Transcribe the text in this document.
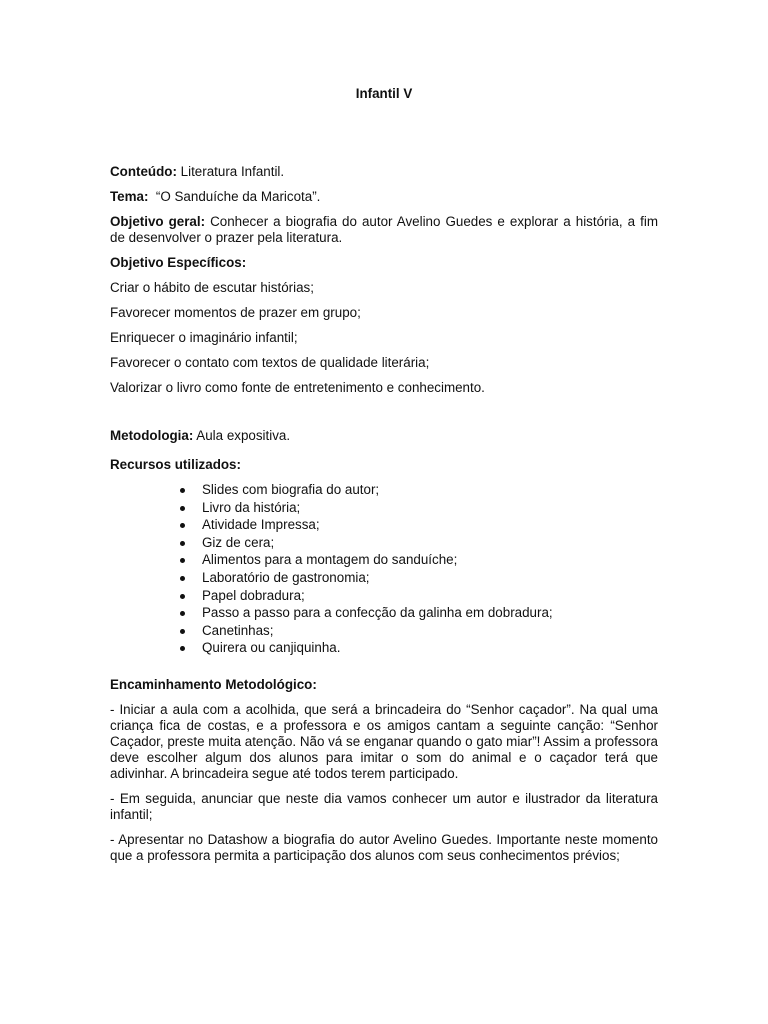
Infantil V
Conteúdo: Literatura Infantil.
Tema:  “O Sanduíche da Maricota”.
Objetivo geral: Conhecer a biografia do autor Avelino Guedes e explorar a história, a fim de desenvolver o prazer pela literatura.
Objetivo Específicos:
Criar o hábito de escutar histórias;
Favorecer momentos de prazer em grupo;
Enriquecer o imaginário infantil;
Favorecer o contato com textos de qualidade literária;
Valorizar o livro como fonte de entretenimento e conhecimento.
Metodologia: Aula expositiva.
Recursos utilizados:
Slides com biografia do autor;
Livro da história;
Atividade Impressa;
Giz de cera;
Alimentos para a montagem do sanduíche;
Laboratório de gastronomia;
Papel dobradura;
Passo a passo para a confecção da galinha em dobradura;
Canetinhas;
Quirera ou canjiquinha.
Encaminhamento Metodológico:
- Iniciar a aula com a acolhida, que será a brincadeira do “Senhor caçador”. Na qual uma criança fica de costas, e a professora e os amigos cantam a seguinte canção: “Senhor Caçador, preste muita atenção. Não vá se enganar quando o gato miar”! Assim a professora deve escolher algum dos alunos para imitar o som do animal e o caçador terá que adivinhar. A brincadeira segue até todos terem participado.
- Em seguida, anunciar que neste dia vamos conhecer um autor e ilustrador da literatura infantil;
- Apresentar no Datashow a biografia do autor Avelino Guedes. Importante neste momento que a professora permita a participação dos alunos com seus conhecimentos prévios;
